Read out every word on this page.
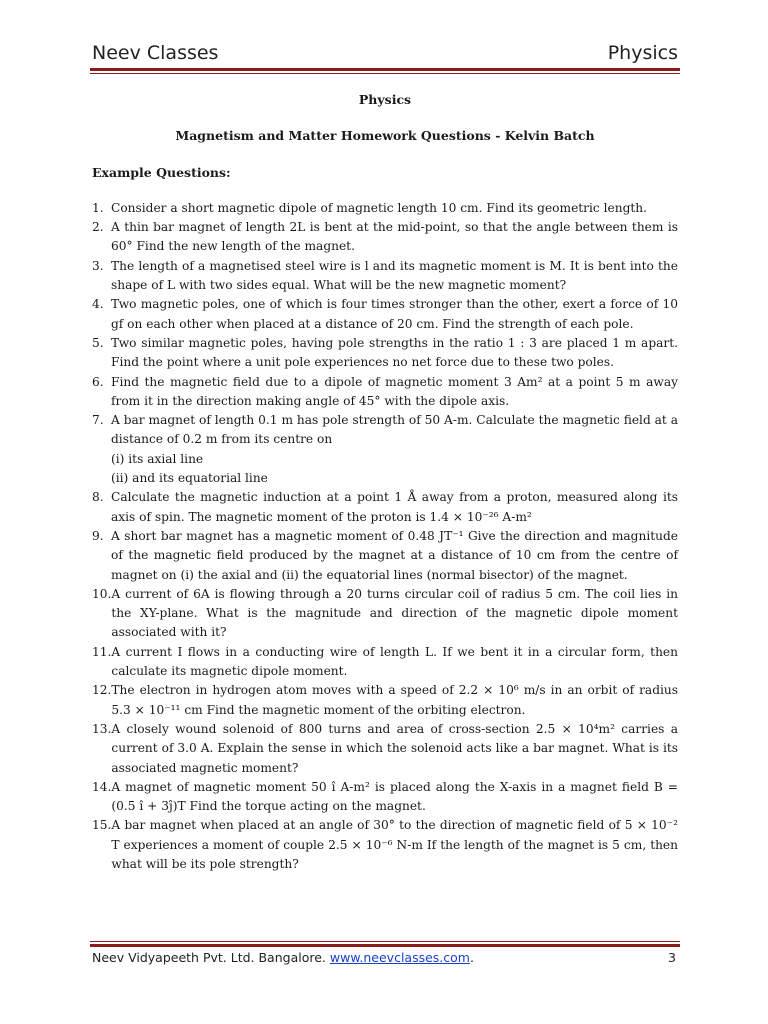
Neev Classes	Physics
Physics
Magnetism and Matter Homework Questions - Kelvin Batch
Example Questions:
1. Consider a short magnetic dipole of magnetic length 10 cm. Find its geometric length.
2. A thin bar magnet of length 2L is bent at the mid-point, so that the angle between them is 60° Find the new length of the magnet.
3. The length of a magnetised steel wire is l and its magnetic moment is M. It is bent into the shape of L with two sides equal. What will be the new magnetic moment?
4. Two magnetic poles, one of which is four times stronger than the other, exert a force of 10 gf on each other when placed at a distance of 20 cm. Find the strength of each pole.
5. Two similar magnetic poles, having pole strengths in the ratio 1 : 3 are placed 1 m apart. Find the point where a unit pole experiences no net force due to these two poles.
6. Find the magnetic field due to a dipole of magnetic moment 3 Am² at a point 5 m away from it in the direction making angle of 45° with the dipole axis.
7. A bar magnet of length 0.1 m has pole strength of 50 A-m. Calculate the magnetic field at a distance of 0.2 m from its centre on
(i) its axial line
(ii) and its equatorial line
8. Calculate the magnetic induction at a point 1 Å away from a proton, measured along its axis of spin. The magnetic moment of the proton is 1.4 × 10⁻²⁶ A-m²
9. A short bar magnet has a magnetic moment of 0.48 JT⁻¹ Give the direction and magnitude of the magnetic field produced by the magnet at a distance of 10 cm from the centre of magnet on (i) the axial and (ii) the equatorial lines (normal bisector) of the magnet.
10. A current of 6A is flowing through a 20 turns circular coil of radius 5 cm. The coil lies in the XY-plane. What is the magnitude and direction of the magnetic dipole moment associated with it?
11. A current I flows in a conducting wire of length L. If we bent it in a circular form, then calculate its magnetic dipole moment.
12. The electron in hydrogen atom moves with a speed of 2.2 × 10⁶ m/s in an orbit of radius 5.3 × 10⁻¹¹ cm Find the magnetic moment of the orbiting electron.
13. A closely wound solenoid of 800 turns and area of cross-section 2.5 × 10⁴m² carries a current of 3.0 A. Explain the sense in which the solenoid acts like a bar magnet. What is its associated magnetic moment?
14. A magnet of magnetic moment 50 î A-m² is placed along the X-axis in a magnet field B = (0.5 î + 3ĵ)T Find the torque acting on the magnet.
15. A bar magnet when placed at an angle of 30° to the direction of magnetic field of 5 × 10⁻² T experiences a moment of couple 2.5 × 10⁻⁶ N-m If the length of the magnet is 5 cm, then what will be its pole strength?
Neev Vidyapeeth Pvt. Ltd. Bangalore. www.neevclasses.com.	3
